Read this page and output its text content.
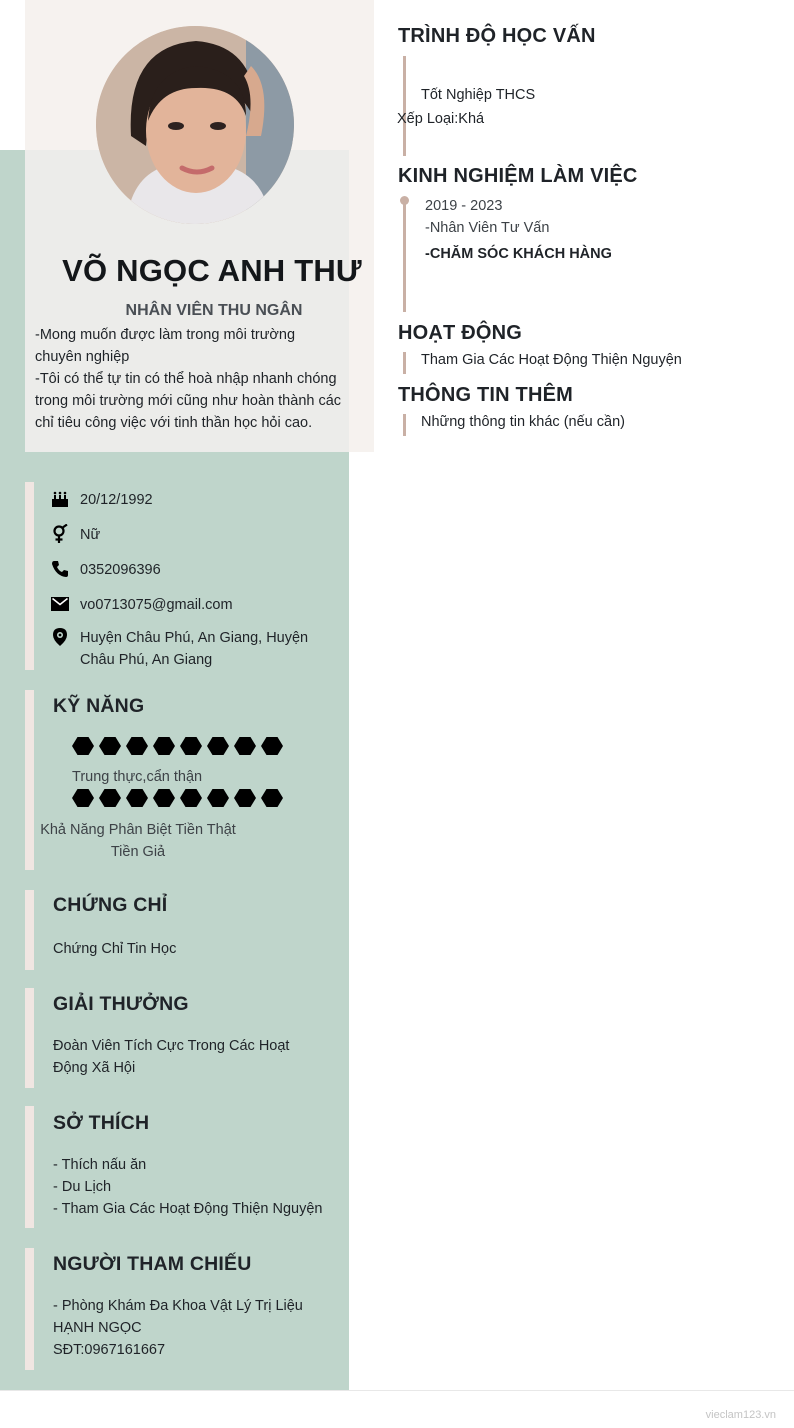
VÕ NGỌC ANH THƯ
NHÂN VIÊN THU NGÂN
-Mong muốn được làm trong môi trường
chuyên nghiệp
-Tôi có thể tự tin có thể hoà nhập nhanh chóng
trong môi trường mới cũng như hoàn thành các
chỉ tiêu công việc với tinh thần học hỏi cao.
20/12/1992
Nữ
0352096396
vo0713075@gmail.com
Huyện Châu Phú, An Giang, Huyện
Châu Phú, An Giang
KỸ NĂNG
Trung thực,cẩn thận
Khả Năng Phân Biệt Tiền Thật
Tiền Giả
CHỨNG CHỈ
Chứng Chỉ Tin Học
GIẢI THƯỞNG
Đoàn Viên Tích Cực Trong Các Hoạt
Động Xã Hội
SỞ THÍCH
- Thích nấu ăn
- Du Lịch
- Tham Gia Các Hoạt Động Thiện Nguyện
NGƯỜI THAM CHIẾU
- Phòng Khám Đa Khoa Vật Lý Trị Liệu
HẠNH NGỌC
SĐT:0967161667
TRÌNH ĐỘ HỌC VẤN
Tốt Nghiệp THCS
Xếp Loại:Khá
KINH NGHIỆM LÀM VIỆC
2019 - 2023
-Nhân Viên Tư Vấn
-CHĂM SÓC KHÁCH HÀNG
HOẠT ĐỘNG
Tham Gia Các Hoạt Động Thiện Nguyện
THÔNG TIN THÊM
Những thông tin khác (nếu cần)
vieclam123.vn
